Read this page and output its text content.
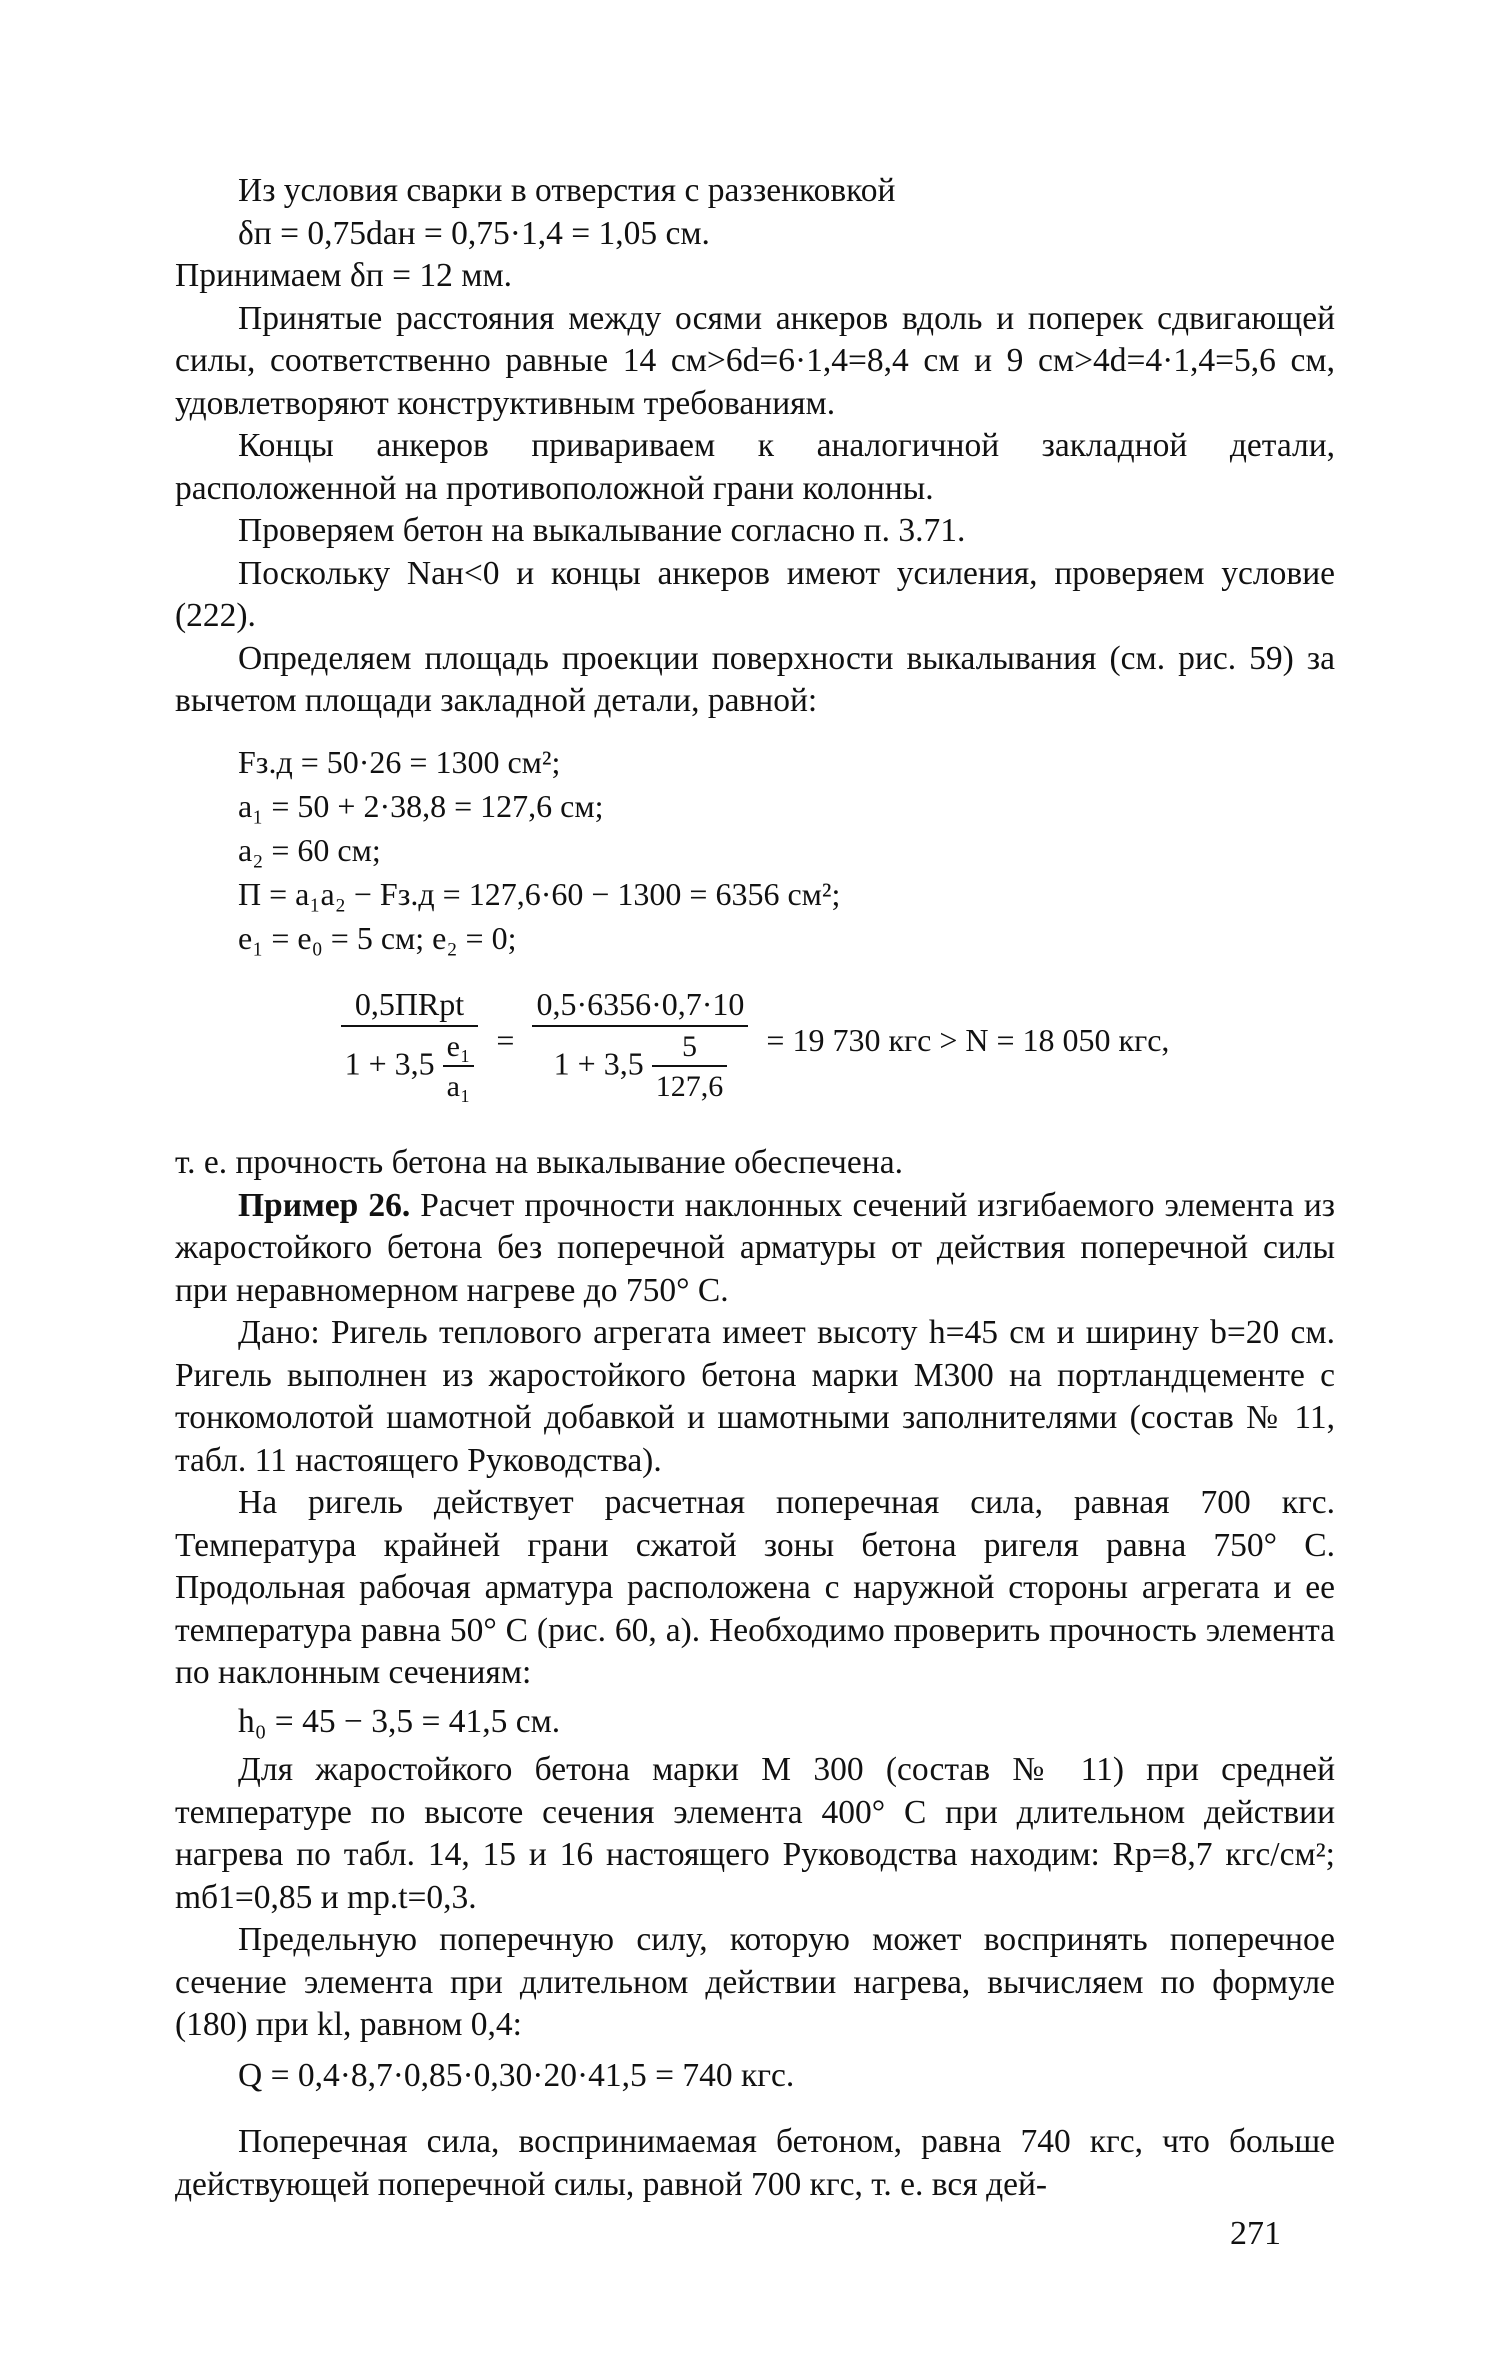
Из условия сварки в отверстия с раззенковкой

δп = 0,75dан = 0,75·1,4 = 1,05 см.

Принимаем δп = 12 мм.

Принятые расстояния между осями анкеров вдоль и поперек сдвигающей силы, соответственно равные 14 см>6d=6·1,4=8,4 см и 9 см>4d=4·1,4=5,6 см, удовлетворяют конструктивным требованиям.

Концы анкеров привариваем к аналогичной закладной детали, расположенной на противоположной грани колонны.

Проверяем бетон на выкалывание согласно п. 3.71.

Поскольку Nан<0 и концы анкеров имеют усиления, проверяем условие (222).

Определяем площадь проекции поверхности выкалывания (см. рис. 59) за вычетом площади закладной детали, равной:

Fз.д = 50·26 = 1300 см²;

a₁ = 50 + 2·38,8 = 127,6 см;

a₂ = 60 см;

П = a₁a₂ − Fз.д = 127,6·60 − 1300 = 6356 см²;

e₁ = e₀ = 5 см; e₂ = 0;

$\frac{\text{0,5ПRpt}}{1 + 3,5 \frac{\text{e₁}}{\text{a₁}}} = \frac{0,5\cdot 6356\cdot 0,7\cdot 10}{1 + 3,5 \frac{5}{127,6}} = 19$ 730 кгс > N = 18 050 кгс,

т. е. прочность бетона на выкалывание обеспечена.

Пример 26. Расчет прочности наклонных сечений изгибаемого элемента из жаростойкого бетона без поперечной арматуры от действия поперечной силы при неравномерном нагреве до 750° С.

Дано: Ригель теплового агрегата имеет высоту h=45 см и ширину b=20 см. Ригель выполнен из жаростойкого бетона марки М300 на портландцементе с тонкомолотой шамотной добавкой и шамотными заполнителями (состав № 11, табл. 11 настоящего Руководства).

На ригель действует расчетная поперечная сила, равная 700 кгс. Температура крайней грани сжатой зоны бетона ригеля равна 750° С. Продольная рабочая арматура расположена с наружной стороны агрегата и ее температура равна 50° С (рис. 60, а). Необходимо проверить прочность элемента по наклонным сечениям:

h₀ = 45 − 3,5 = 41,5 см.

Для жаростойкого бетона марки М 300 (состав № 11) при средней температуре по высоте сечения элемента 400° С при длительном действии нагрева по табл. 14, 15 и 16 настоящего Руководства находим: Rр=8,7 кгс/см²; mб1=0,85 и mр.t=0,3.

Предельную поперечную силу, которую может воспринять поперечное сечение элемента при длительном действии нагрева, вычисляем по формуле (180) при kl, равном 0,4:

Q = 0,4·8,7·0,85·0,30·20·41,5 = 740 кгс.

Поперечная сила, воспринимаемая бетоном, равна 740 кгс, что больше действующей поперечной силы, равной 700 кгс, т. е. вся дей-

271
